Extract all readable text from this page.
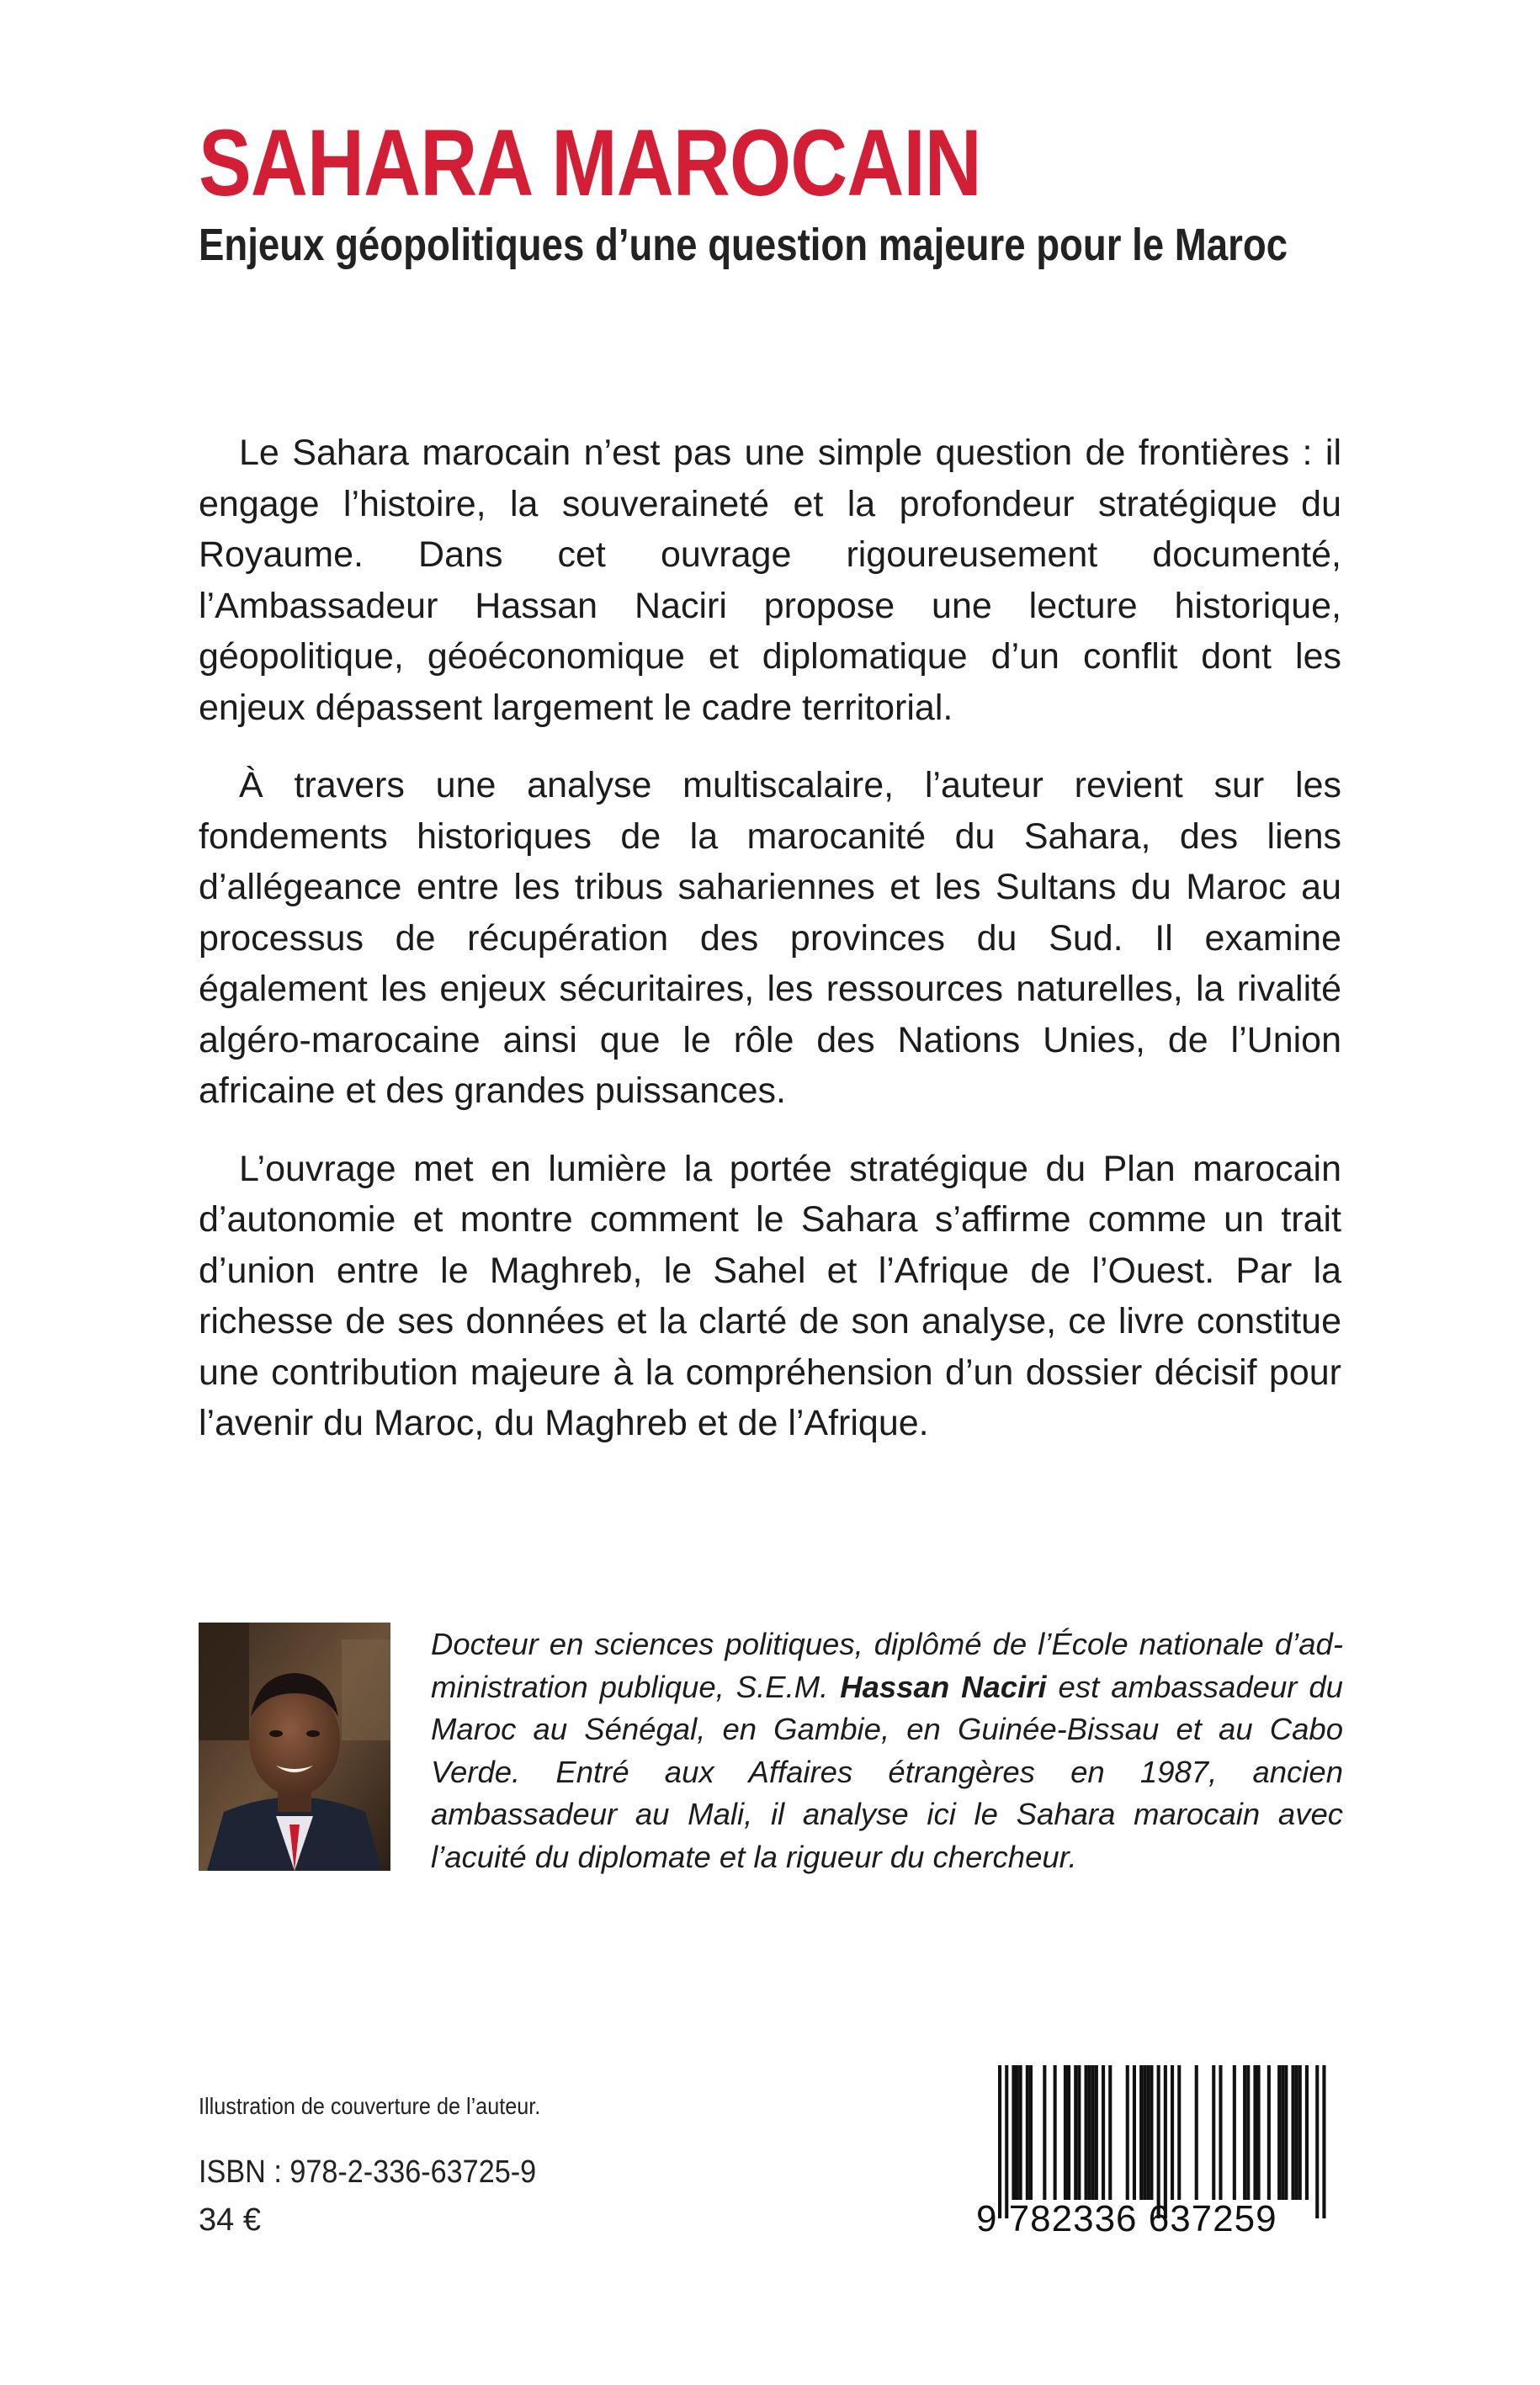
SAHARA MAROCAIN
Enjeux géopolitiques d’une question majeure pour le Maroc

Le Sahara marocain n’est pas une simple question de frontières : il engage l’histoire, la souveraineté et la profondeur stratégique du Royaume. Dans cet ouvrage rigoureusement documenté, l’Ambassadeur Hassan Naciri propose une lecture historique, géopolitique, géoéconomique et diplomatique d’un conflit dont les enjeux dépassent largement le cadre territorial.

À travers une analyse multiscalaire, l’auteur revient sur les fondements historiques de la marocanité du Sahara, des liens d’allégeance entre les tribus sahariennes et les Sultans du Maroc au processus de récupération des provinces du Sud. Il examine également les enjeux sécuritaires, les ressources naturelles, la rivalité algéro-marocaine ainsi que le rôle des Nations Unies, de l’Union africaine et des grandes puissances.

L’ouvrage met en lumière la portée stratégique du Plan marocain d’autonomie et montre comment le Sahara s’affirme comme un trait d’union entre le Maghreb, le Sahel et l’Afrique de l’Ouest. Par la richesse de ses données et la clarté de son analyse, ce livre constitue une contribution majeure à la compréhension d’un dossier décisif pour l’avenir du Maroc, du Maghreb et de l’Afrique.

Docteur en sciences politiques, diplômé de l’École nationale d’administration publique, S.E.M. Hassan Naciri est ambassadeur du Maroc au Sénégal, en Gambie, en Guinée-Bissau et au Cabo Verde. Entré aux Affaires étrangères en 1987, ancien ambassadeur au Mali, il analyse ici le Sahara marocain avec l’acuité du diplomate et la rigueur du chercheur.

Illustration de couverture de l’auteur.
ISBN : 978-2-336-63725-9
34 €	9 782336 637259
